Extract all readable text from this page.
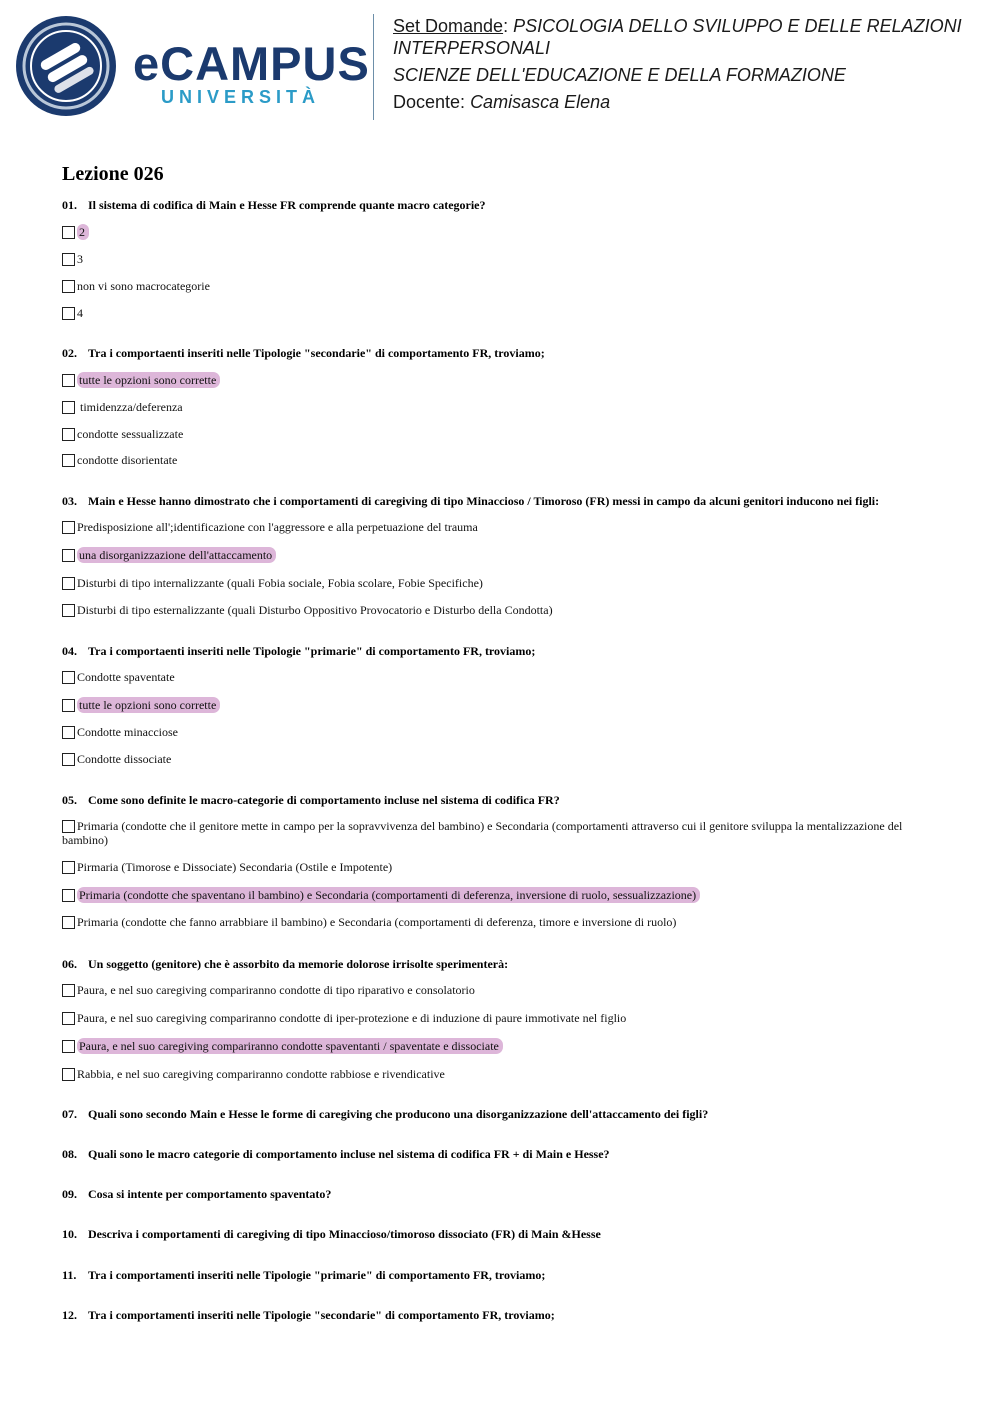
eCAMPUS
UNIVERSITÀ
Set Domande: PSICOLOGIA DELLO SVILUPPO E DELLE RELAZIONI
INTERPERSONALI
SCIENZE DELL'EDUCAZIONE E DELLA FORMAZIONE
Docente: Camisasca Elena
Lezione 026
01. Il sistema di codifica di Main e Hesse FR comprende quante macro categorie?
2
3
non vi sono macrocategorie
4
02. Tra i comportaenti inseriti nelle Tipologie "secondarie" di comportamento FR, troviamo;
tutte le opzioni sono corrette
timidenzza/deferenza
condotte sessualizzate
condotte disorientate
03. Main e Hesse hanno dimostrato che i comportamenti di caregiving di tipo Minaccioso / Timoroso (FR) messi in campo da alcuni genitori inducono nei figli:
Predisposizione all';identificazione con l'aggressore e alla perpetuazione del trauma
una disorganizzazione dell'attaccamento
Disturbi di tipo internalizzante (quali Fobia sociale, Fobia scolare, Fobie Specifiche)
Disturbi di tipo esternalizzante (quali Disturbo Oppositivo Provocatorio e Disturbo della Condotta)
04. Tra i comportaenti inseriti nelle Tipologie "primarie" di comportamento FR, troviamo;
Condotte spaventate
tutte le opzioni sono corrette
Condotte minacciose
Condotte dissociate
05. Come sono definite le macro-categorie di comportamento incluse nel sistema di codifica FR?
Primaria (condotte che il genitore mette in campo per la sopravvivenza del bambino) e Secondaria (comportamenti attraverso cui il genitore sviluppa la mentalizzazione del bambino)
Pirmaria (Timorose e Dissociate) Secondaria (Ostile e Impotente)
Primaria (condotte che spaventano il bambino) e Secondaria (comportamenti di deferenza, inversione di ruolo, sessualizzazione)
Primaria (condotte che fanno arrabbiare il bambino) e Secondaria (comportamenti di deferenza, timore e inversione di ruolo)
06. Un soggetto (genitore) che è assorbito da memorie dolorose irrisolte sperimenterà:
Paura, e nel suo caregiving compariranno condotte di tipo riparativo e consolatorio
Paura, e nel suo caregiving compariranno condotte di iper-protezione e di induzione di paure immotivate nel figlio
Paura, e nel suo caregiving compariranno condotte spaventanti / spaventate e dissociate
Rabbia, e nel suo caregiving compariranno condotte rabbiose e rivendicative
07. Quali sono secondo Main e Hesse le forme di caregiving che producono una disorganizzazione dell'attaccamento dei figli?
08. Quali sono le macro categorie di comportamento incluse nel sistema di codifica FR + di Main e Hesse?
09. Cosa si intente per comportamento spaventato?
10. Descriva i comportamenti di caregiving di tipo Minaccioso/timoroso dissociato (FR) di Main &Hesse
11. Tra i comportamenti inseriti nelle Tipologie "primarie" di comportamento FR, troviamo;
12. Tra i comportamenti inseriti nelle Tipologie "secondarie" di comportamento FR, troviamo;
